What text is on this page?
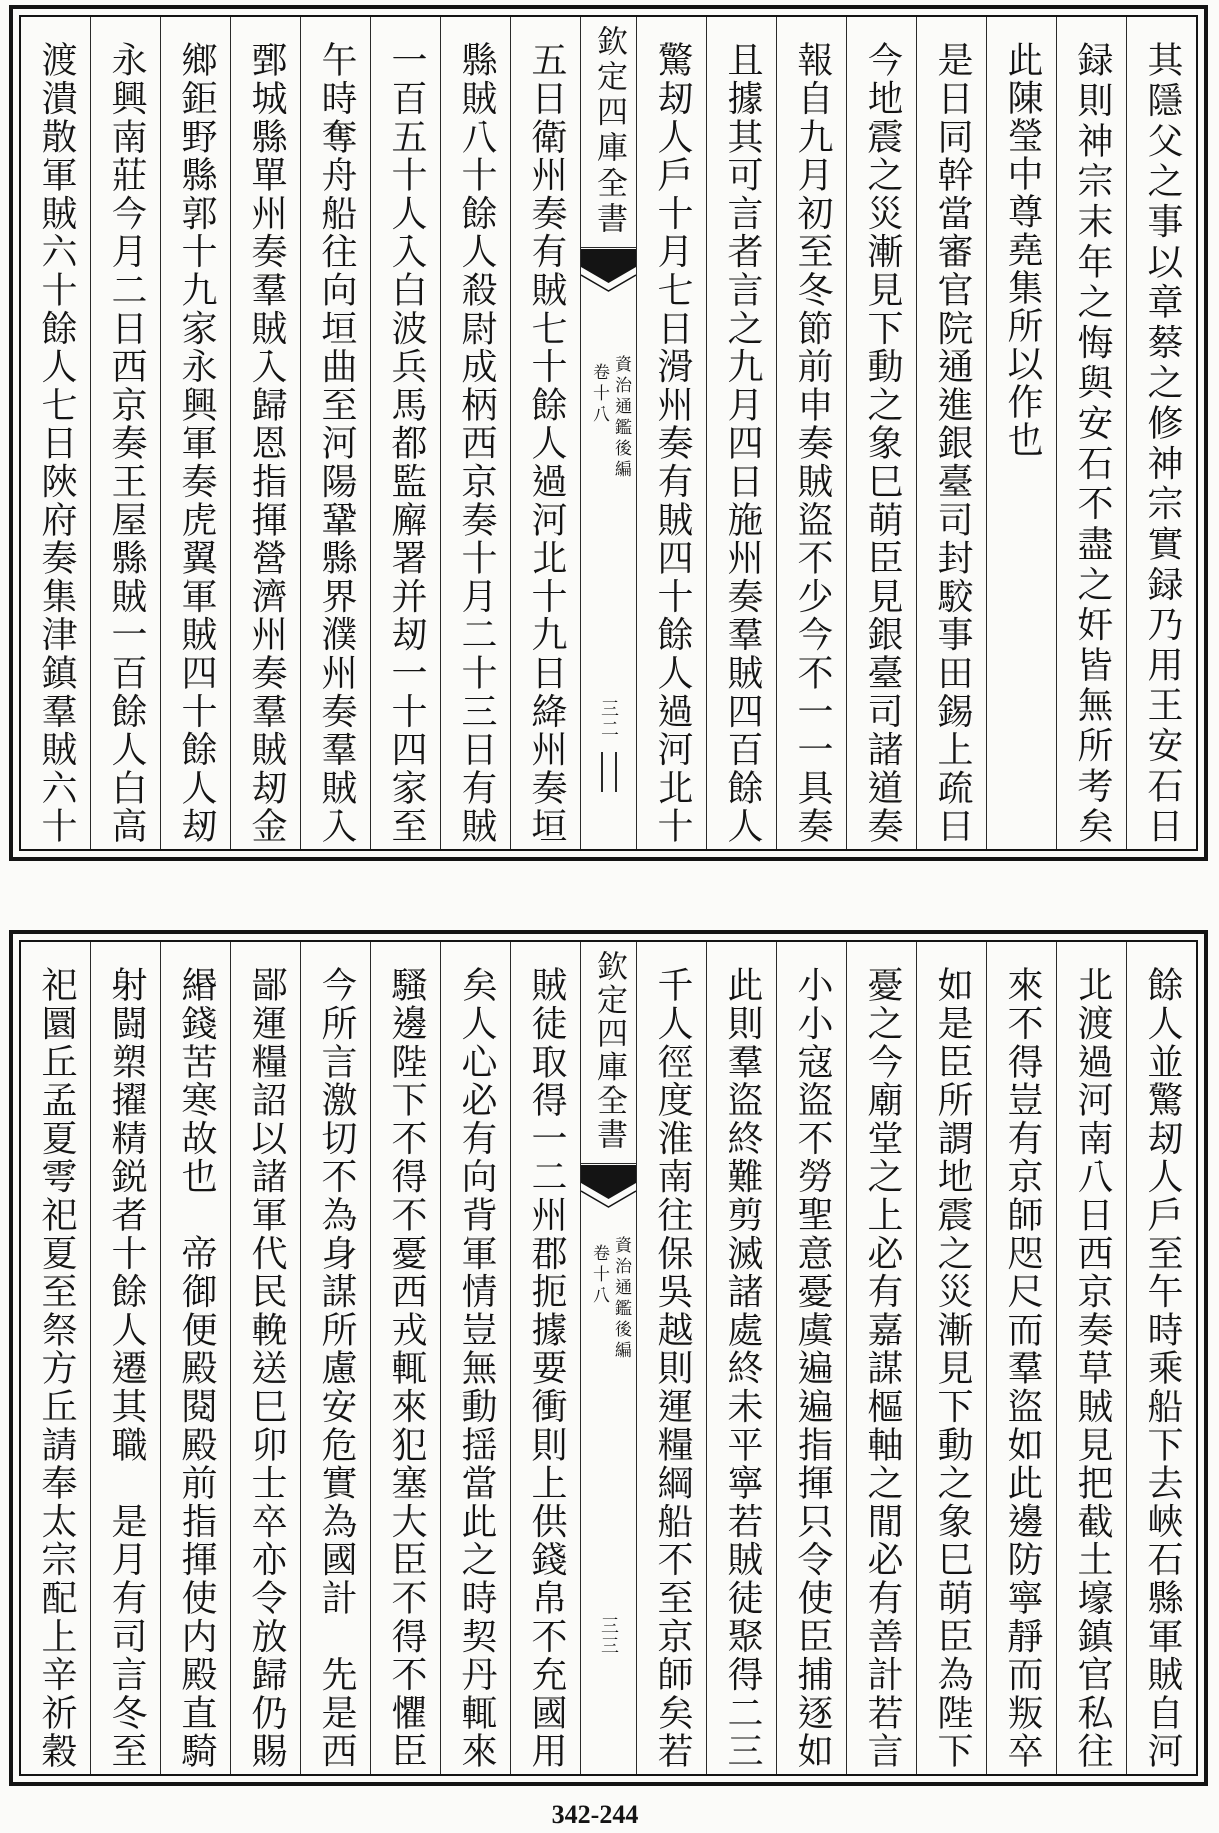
其隱父之事以章蔡之修神宗實録乃用王安石日
録則神宗末年之悔與安石不盡之奸皆無所考矣
此陳瑩中尊堯集所以作也
是日同幹當審官院通進銀臺司封駮事田錫上疏曰
今地震之災漸見下動之象巳萌臣見銀臺司諸道奏
報自九月初至冬節前申奏賊盜不少今不一一具奏
且據其可言者言之九月四日施州奏羣賊四百餘人
驚刼人户十月七日滑州奏有賊四十餘人過河北十
欽定四庫全書
資治通鑑後編
卷十八
三二
五日衛州奏有賊七十餘人過河北十九日絳州奏垣
縣賊八十餘人殺尉成柄西京奏十月二十三日有賊
一百五十人入白波兵馬都監廨署并刼一十四家至
午時奪舟船往向垣曲至河陽鞏縣界濮州奏羣賊入
鄄城縣單州奏羣賊入歸恩指揮營濟州奏羣賊刼金
鄉鉅野縣郭十九家永興軍奏虎翼軍賊四十餘人刼
永興南莊今月二日西京奏王屋縣賊一百餘人白高
渡潰散軍賊六十餘人七日陜府奏集津鎮羣賊六十
餘人並驚刼人户至午時乘船下去峽石縣軍賊自河
北渡過河南八日西京奏草賊見把截土壕鎮官私往
來不得豈有京師咫尺而羣盜如此邊防寧靜而叛卒
如是臣所謂地震之災漸見下動之象巳萌臣為陛下
憂之今廟堂之上必有嘉謀樞軸之閒必有善計若言
小小寇盜不勞聖意憂虞遍遍指揮只令使臣捕逐如
此則羣盜終難剪滅諸處終未平寧若賊徒聚得二三
千人徑度淮南往保吳越則運糧綱船不至京師矣若
欽定四庫全書
資治通鑑後編
卷十八
三三
賊徒取得一二州郡扼據要衝則上供錢帛不充國用
矣人心必有向背軍情豈無動揺當此之時契丹輒來
騷邊陛下不得不憂西戎輒來犯塞大臣不得不懼臣
今所言激切不為身謀所慮安危實為國計　先是西
鄙運糧詔以諸軍代民輓送巳卯士卒亦令放歸仍賜
緡錢苦寒故也　帝御便殿閱殿前指揮使内殿直騎
射闘槊擢精鋭者十餘人遷其職　是月有司言冬至
祀圜丘孟夏雩祀夏至祭方丘請奉太宗配上辛祈穀
342-244
